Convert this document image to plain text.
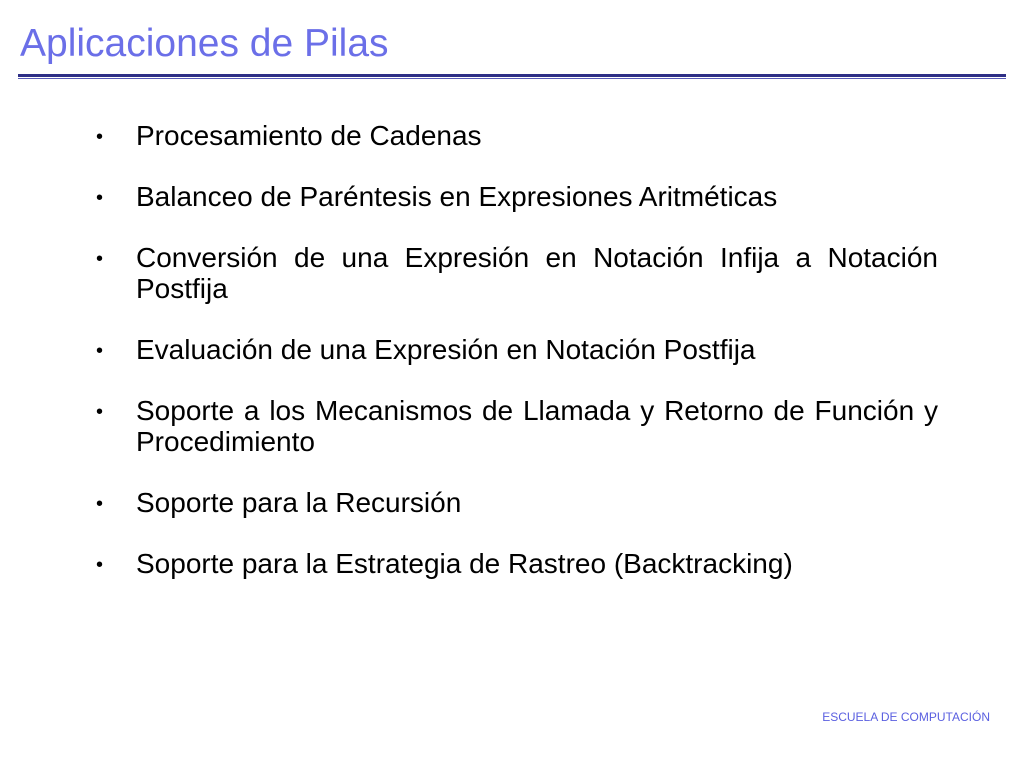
Aplicaciones de Pilas
• Procesamiento de Cadenas
• Balanceo de Paréntesis en Expresiones Aritméticas
• Conversión de una Expresión en Notación Infija a Notación Postfija
• Evaluación de una Expresión en Notación Postfija
• Soporte a los Mecanismos de Llamada y Retorno de Función y Procedimiento
• Soporte para la Recursión
• Soporte para la Estrategia de Rastreo (Backtracking)
ESCUELA DE COMPUTACIÓN
